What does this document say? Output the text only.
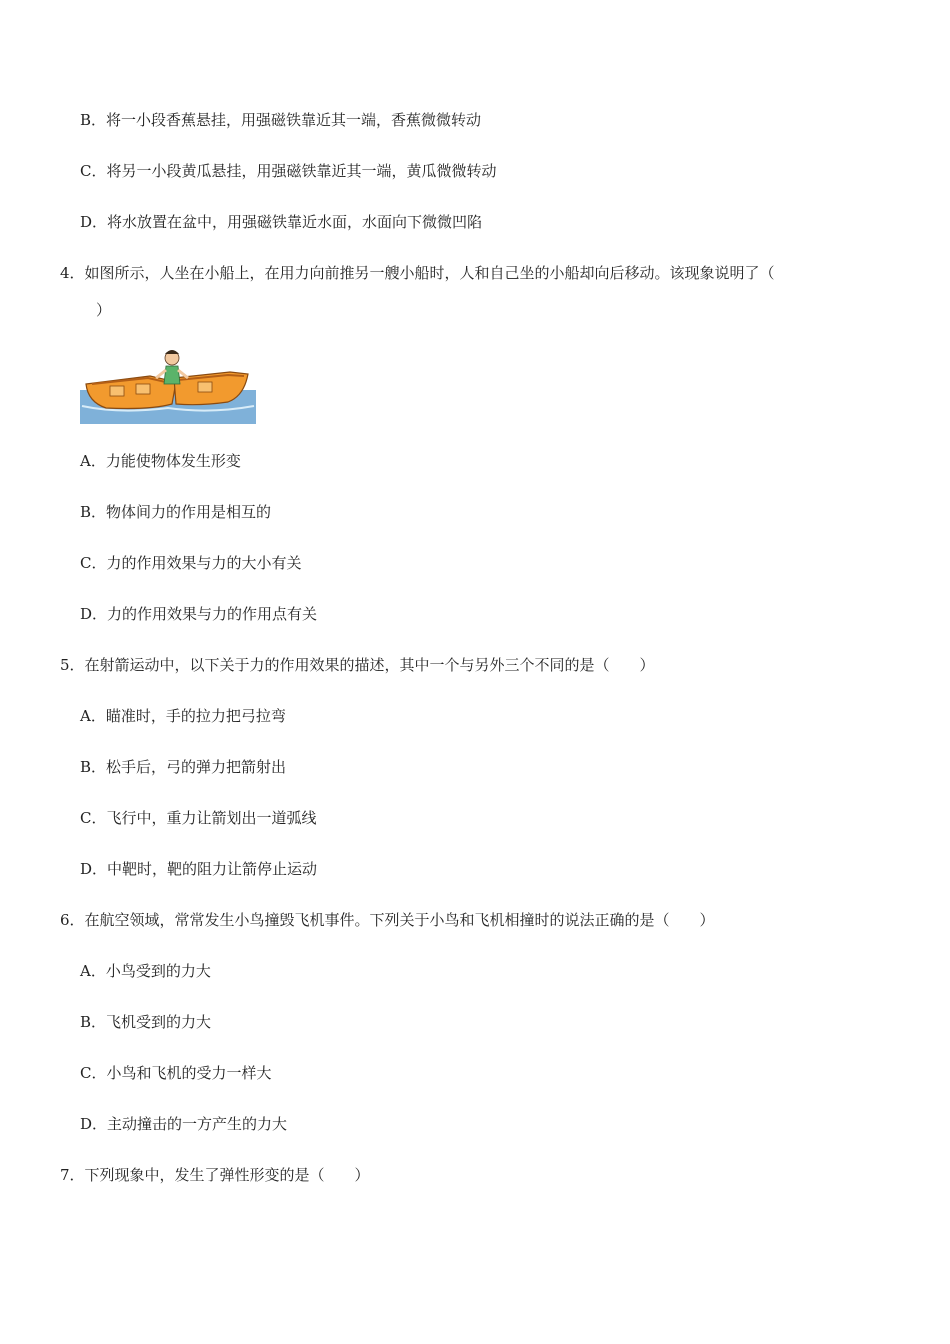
B．将一小段香蕉悬挂，用强磁铁靠近其一端，香蕉微微转动
C．将另一小段黄瓜悬挂，用强磁铁靠近其一端，黄瓜微微转动
D．将水放置在盆中，用强磁铁靠近水面，水面向下微微凹陷
4．如图所示，人坐在小船上，在用力向前推另一艘小船时，人和自己坐的小船却向后移动。该现象说明了（
）
A．力能使物体发生形变
B．物体间力的作用是相互的
C．力的作用效果与力的大小有关
D．力的作用效果与力的作用点有关
5．在射箭运动中，以下关于力的作用效果的描述，其中一个与另外三个不同的是（　　）
A．瞄准时，手的拉力把弓拉弯
B．松手后，弓的弹力把箭射出
C．飞行中，重力让箭划出一道弧线
D．中靶时，靶的阻力让箭停止运动
6．在航空领域，常常发生小鸟撞毁飞机事件。下列关于小鸟和飞机相撞时的说法正确的是（　　）
A．小鸟受到的力大
B．飞机受到的力大
C．小鸟和飞机的受力一样大
D．主动撞击的一方产生的力大
7．下列现象中，发生了弹性形变的是（　　）
